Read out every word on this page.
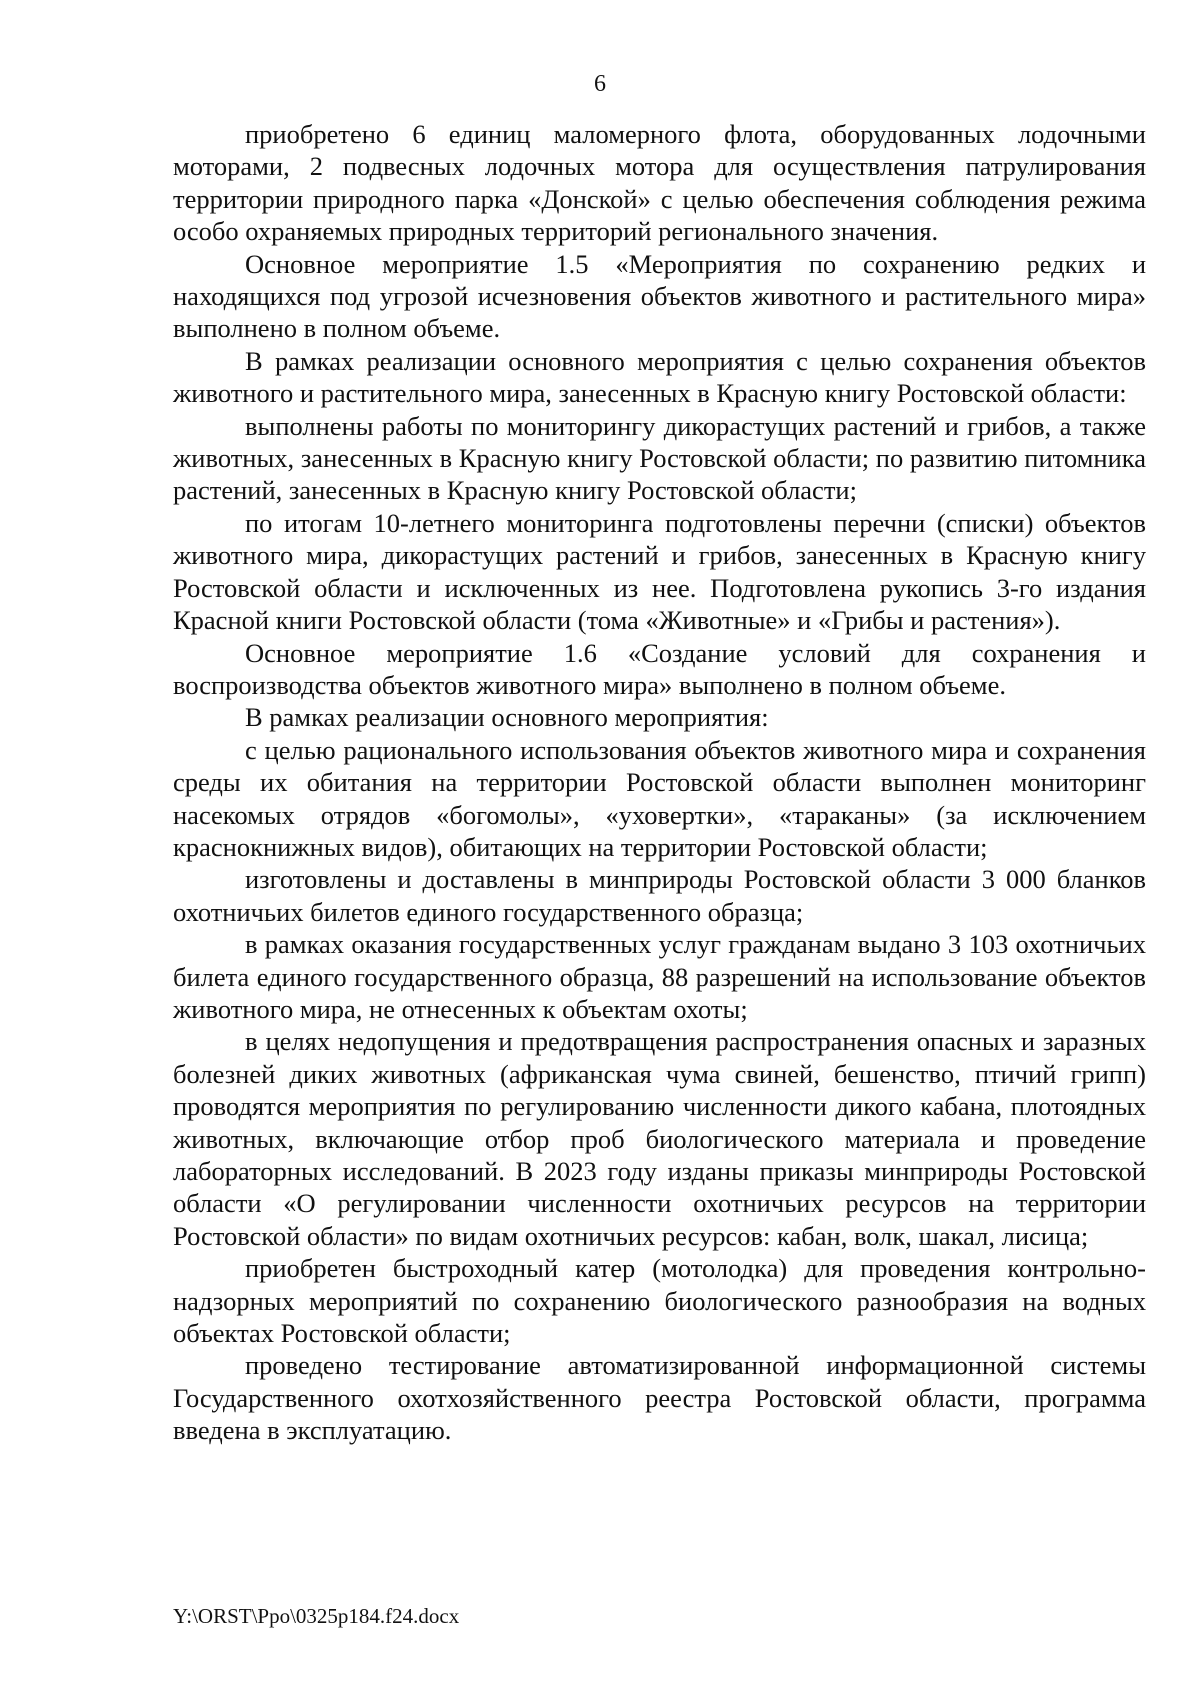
6

приобретено 6 единиц маломерного флота, оборудованных лодочными моторами, 2 подвесных лодочных мотора для осуществления патрулирования территории природного парка «Донской» с целью обеспечения соблюдения режима особо охраняемых природных территорий регионального значения.

Основное мероприятие 1.5 «Мероприятия по сохранению редких и находящихся под угрозой исчезновения объектов животного и растительного мира» выполнено в полном объеме.

В рамках реализации основного мероприятия с целью сохранения объектов животного и растительного мира, занесенных в Красную книгу Ростовской области:

выполнены работы по мониторингу дикорастущих растений и грибов, а также животных, занесенных в Красную книгу Ростовской области; по развитию питомника растений, занесенных в Красную книгу Ростовской области;

по итогам 10-летнего мониторинга подготовлены перечни (списки) объектов животного мира, дикорастущих растений и грибов, занесенных в Красную книгу Ростовской области и исключенных из нее. Подготовлена рукопись 3-го издания Красной книги Ростовской области (тома «Животные» и «Грибы и растения»).

Основное мероприятие 1.6 «Создание условий для сохранения и воспроизводства объектов животного мира» выполнено в полном объеме.

В рамках реализации основного мероприятия:

с целью рационального использования объектов животного мира и сохранения среды их обитания на территории Ростовской области выполнен мониторинг насекомых отрядов «богомолы», «уховертки», «тараканы» (за исключением краснокнижных видов), обитающих на территории Ростовской области;

изготовлены и доставлены в минприроды Ростовской области 3 000 бланков охотничьих билетов единого государственного образца;

в рамках оказания государственных услуг гражданам выдано 3 103 охотничьих билета единого государственного образца, 88 разрешений на использование объектов животного мира, не отнесенных к объектам охоты;

в целях недопущения и предотвращения распространения опасных и заразных болезней диких животных (африканская чума свиней, бешенство, птичий грипп) проводятся мероприятия по регулированию численности дикого кабана, плотоядных животных, включающие отбор проб биологического материала и проведение лабораторных исследований. В 2023 году изданы приказы минприроды Ростовской области «О регулировании численности охотничьих ресурсов на территории Ростовской области» по видам охотничьих ресурсов: кабан, волк, шакал, лисица;

приобретен быстроходный катер (мотолодка) для проведения контрольно-надзорных мероприятий по сохранению биологического разнообразия на водных объектах Ростовской области;

проведено тестирование автоматизированной информационной системы Государственного охотхозяйственного реестра Ростовской области, программа введена в эксплуатацию.

Y:\ORST\Ppo\0325p184.f24.docx
